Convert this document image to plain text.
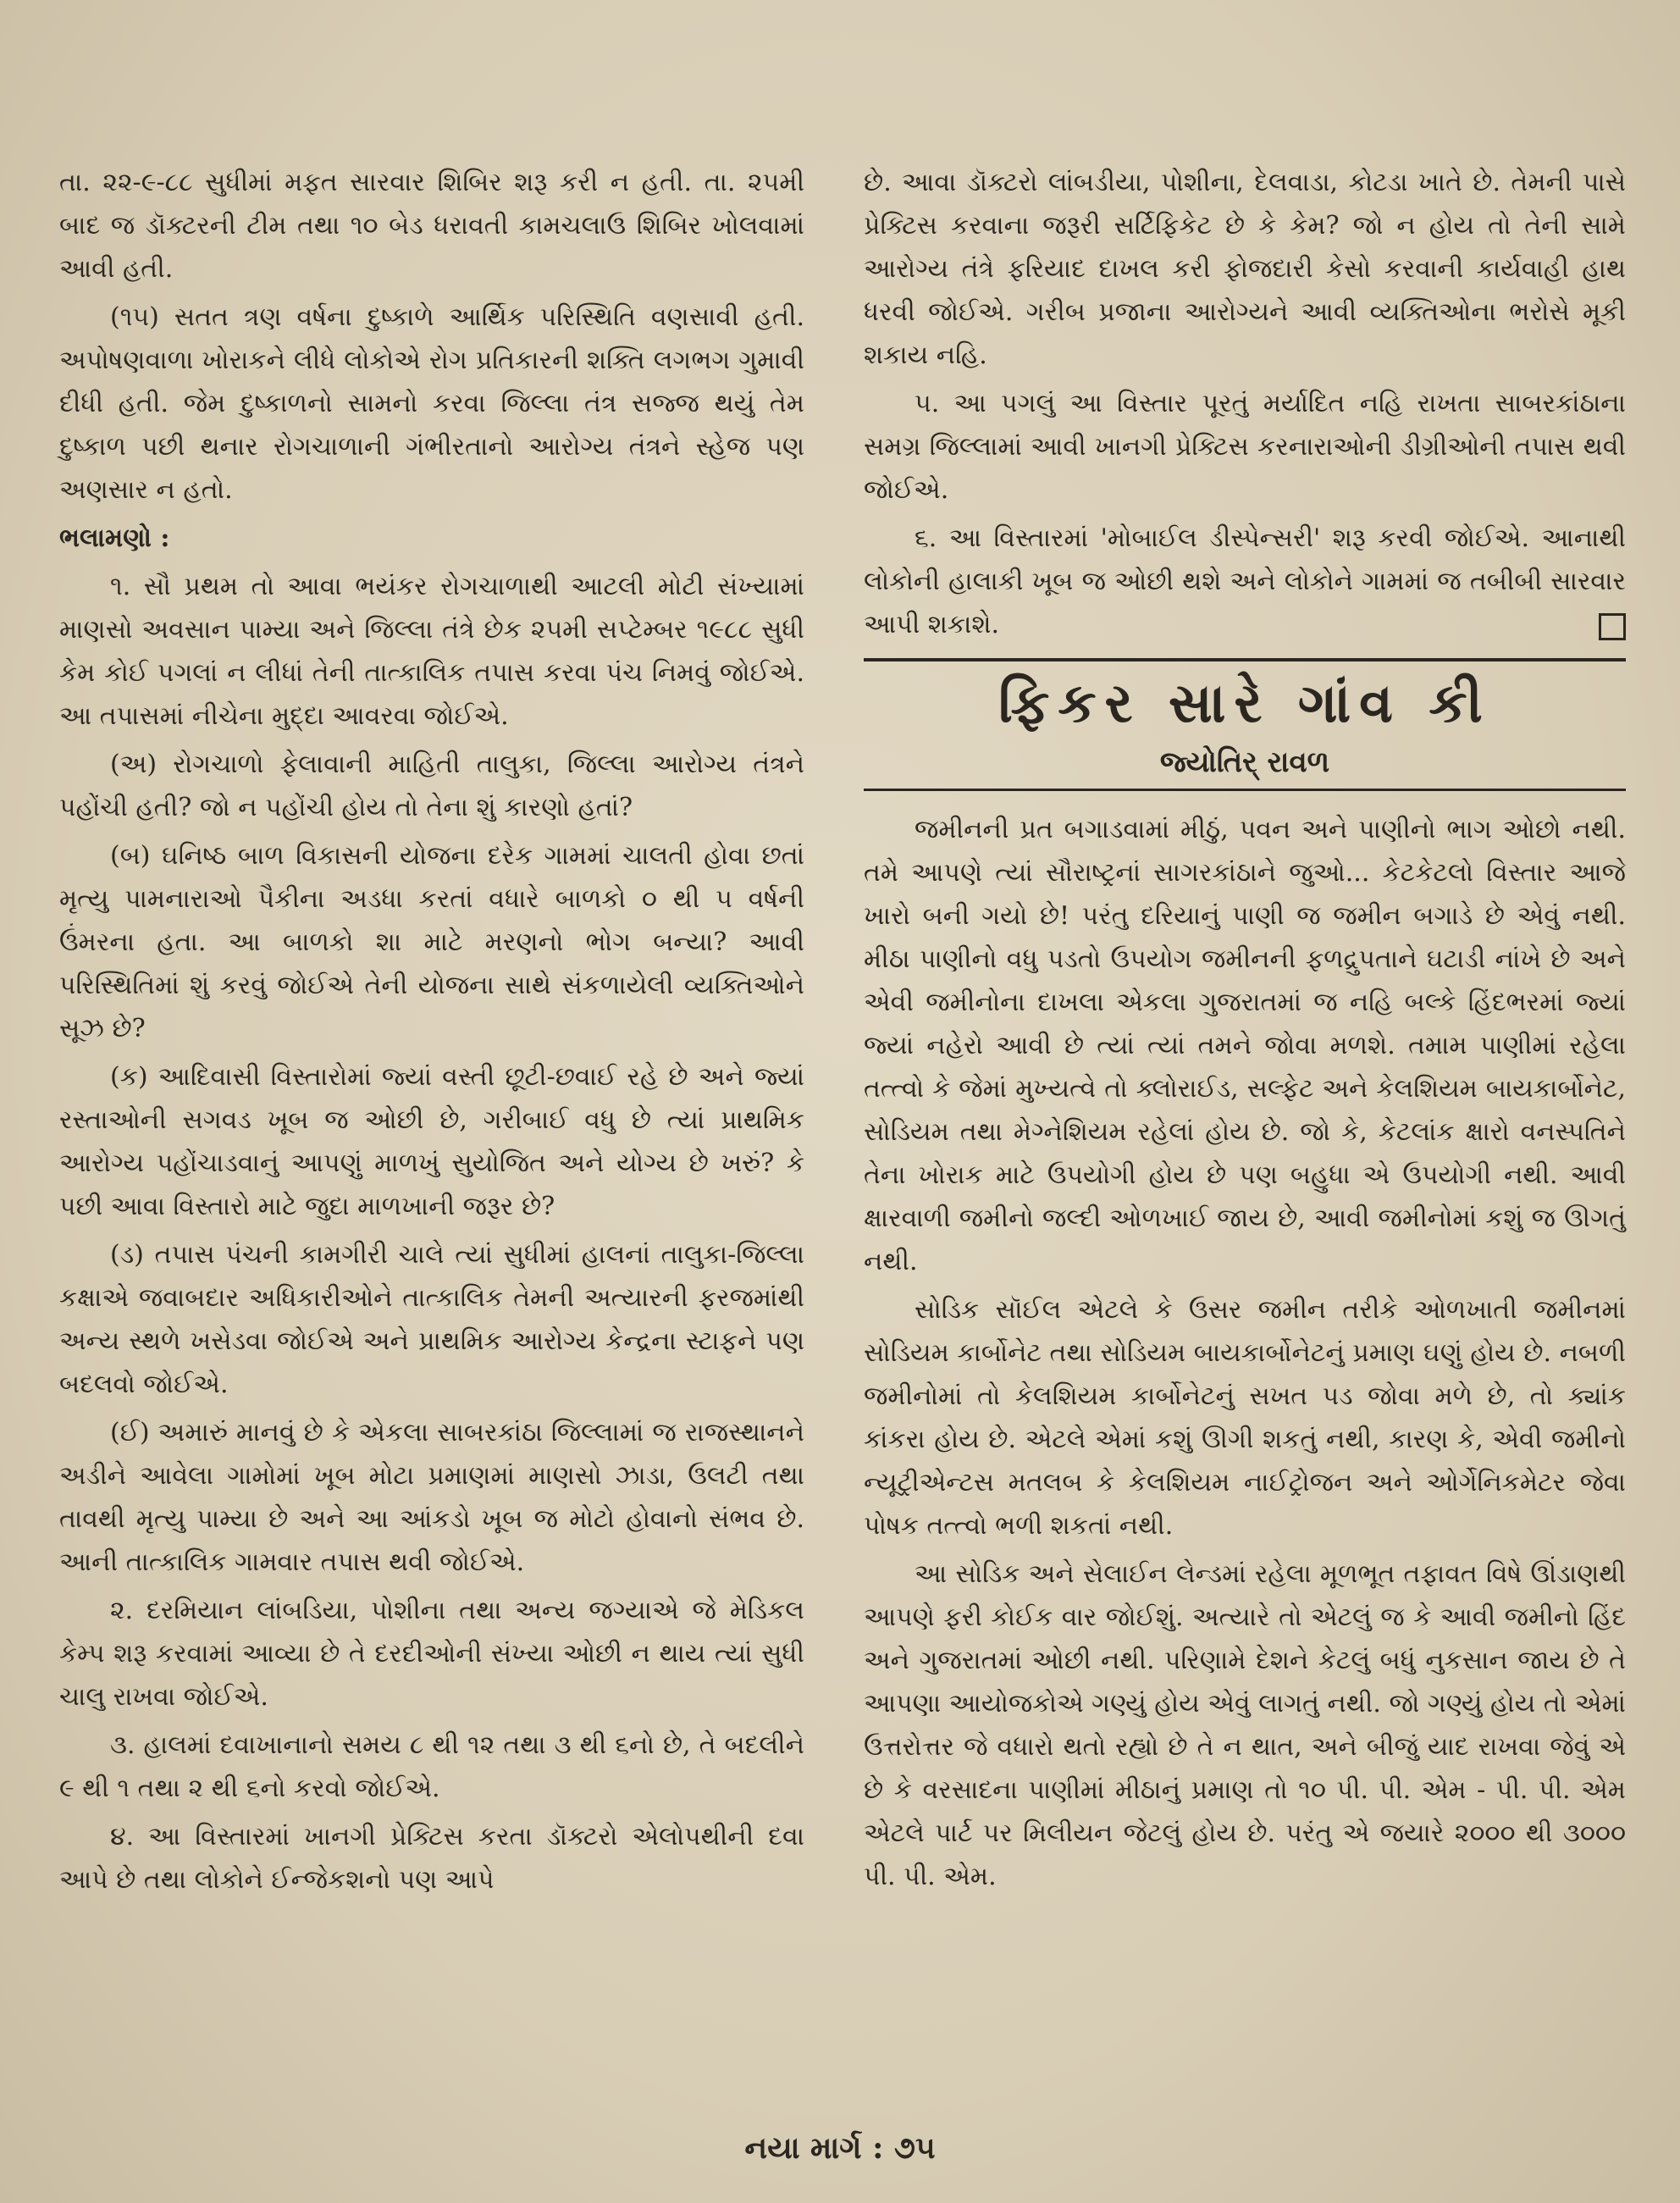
તા. ૨૨-૯-૮૮ સુધીમાં મફત સારવાર શિબિર શરૂ કરી ન હતી. તા. ૨૫મી બાદ જ ડૉક્ટરની ટીમ તથા ૧૦ બેડ ધરાવતી કામચલાઉ શિબિર ખોલવામાં આવી હતી.

(૧૫) સતત ત્રણ વર્ષના દુષ્કાળે આર્થિક પરિસ્થિતિ વણસાવી હતી. અપોષણવાળા ખોરાકને લીધે લોકોએ રોગ પ્રતિકારની શક્તિ લગભગ ગુમાવી દીધી હતી. જેમ દુષ્કાળનો સામનો કરવા જિલ્લા તંત્ર સજ્જ થયું તેમ દુષ્કાળ પછી થનાર રોગચાળાની ગંભીરતાનો આરોગ્ય તંત્રને સ્હેજ પણ અણસાર ન હતો.

ભલામણો :

૧. સૌ પ્રથમ તો આવા ભયંકર રોગચાળાથી આટલી મોટી સંખ્યામાં માણસો અવસાન પામ્યા અને જિલ્લા તંત્રે છેક ૨૫મી સપ્ટેમ્બર ૧૯૮૮ સુધી કેમ કોઈ પગલાં ન લીધાં તેની તાત્કાલિક તપાસ કરવા પંચ નિમવું જોઈએ. આ તપાસમાં નીચેના મુદ્દા આવરવા જોઈએ.

(અ) રોગચાળો ફેલાવાની માહિતી તાલુકા, જિલ્લા આરોગ્ય તંત્રને પહોંચી હતી? જો ન પહોંચી હોય તો તેના શું કારણો હતાં?

(બ) ઘનિષ્ઠ બાળ વિકાસની યોજના દરેક ગામમાં ચાલતી હોવા છતાં મૃત્યુ પામનારાઓ પૈકીના અડધા કરતાં વધારે બાળકો ૦ થી ૫ વર્ષની ઉંમરના હતા. આ બાળકો શા માટે મરણનો ભોગ બન્યા? આવી પરિસ્થિતિમાં શું કરવું જોઈએ તેની યોજના સાથે સંકળાયેલી વ્યક્તિઓને સૂઝ છે?

(ક) આદિવાસી વિસ્તારોમાં જ્યાં વસ્તી છૂટી-છવાઈ રહે છે અને જ્યાં રસ્તાઓની સગવડ ખૂબ જ ઓછી છે, ગરીબાઈ વધુ છે ત્યાં પ્રાથમિક આરોગ્ય પહોંચાડવાનું આપણું માળખું સુયોજિત અને યોગ્ય છે ખરું? કે પછી આવા વિસ્તારો માટે જુદા માળખાની જરૂર છે?

(ડ) તપાસ પંચની કામગીરી ચાલે ત્યાં સુધીમાં હાલનાં તાલુકા-જિલ્લા કક્ષાએ જવાબદાર અધિકારીઓને તાત્કાલિક તેમની અત્યારની ફરજમાંથી અન્ય સ્થળે ખસેડવા જોઈએ અને પ્રાથમિક આરોગ્ય કેન્દ્રના સ્ટાફને પણ બદલવો જોઈએ.

(ઈ) અમારું માનવું છે કે એકલા સાબરકાંઠા જિલ્લામાં જ રાજસ્થાનને અડીને આવેલા ગામોમાં ખૂબ મોટા પ્રમાણમાં માણસો ઝાડા, ઉલટી તથા તાવથી મૃત્યુ પામ્યા છે અને આ આંકડો ખૂબ જ મોટો હોવાનો સંભવ છે. આની તાત્કાલિક ગામવાર તપાસ થવી જોઈએ.

૨. દરમિયાન લાંબડિયા, પોશીના તથા અન્ય જગ્યાએ જે મેડિકલ કેમ્પ શરૂ કરવામાં આવ્યા છે તે દરદીઓની સંખ્યા ઓછી ન થાય ત્યાં સુધી ચાલુ રાખવા જોઈએ.

૩. હાલમાં દવાખાનાનો સમય ૮ થી ૧૨ તથા ૩ થી ૬નો છે, તે બદલીને ૯ થી ૧ તથા ૨ થી ૬નો કરવો જોઈએ.

૪. આ વિસ્તારમાં ખાનગી પ્રેક્ટિસ કરતા ડૉક્ટરો એલોપથીની દવા આપે છે તથા લોકોને ઈન્જેકશનો પણ આપે

છે. આવા ડૉક્ટરો લાંબડીયા, પોશીના, દેલવાડા, કોટડા ખાતે છે. તેમની પાસે પ્રેક્ટિસ કરવાના જરૂરી સર્ટિફિકેટ છે કે કેમ? જો ન હોય તો તેની સામે આરોગ્ય તંત્રે ફરિયાદ દાખલ કરી ફોજદારી કેસો કરવાની કાર્યવાહી હાથ ધરવી જોઈએ. ગરીબ પ્રજાના આરોગ્યને આવી વ્યક્તિઓના ભરોસે મૂકી શકાય નહિ.

૫. આ પગલું આ વિસ્તાર પૂરતું મર્યાદિત નહિ રાખતા સાબરકાંઠાના સમગ્ર જિલ્લામાં આવી ખાનગી પ્રેક્ટિસ કરનારાઓની ડીગ્રીઓની તપાસ થવી જોઈએ.

૬. આ વિસ્તારમાં 'મોબાઈલ ડીસ્પેન્સરી' શરૂ કરવી જોઈએ. આનાથી લોકોની હાલાકી ખૂબ જ ઓછી થશે અને લોકોને ગામમાં જ તબીબી સારવાર આપી શકાશે.

ફિકર સારે ગાંવ કી
જ્યોતિર્ રાવળ

જમીનની પ્રત બગાડવામાં મીઠું, પવન અને પાણીનો ભાગ ઓછો નથી. તમે આપણે ત્યાં સૌરાષ્ટ્રનાં સાગરકાંઠાને જુઓ... કેટકેટલો વિસ્તાર આજે ખારો બની ગયો છે! પરંતુ દરિયાનું પાણી જ જમીન બગાડે છે એવું નથી. મીઠા પાણીનો વધુ પડતો ઉપયોગ જમીનની ફળદ્રુપતાને ઘટાડી નાંખે છે અને એવી જમીનોના દાખલા એકલા ગુજરાતમાં જ નહિ બલ્કે હિંદભરમાં જ્યાં જ્યાં નહેરો આવી છે ત્યાં ત્યાં તમને જોવા મળશે. તમામ પાણીમાં રહેલા તત્ત્વો કે જેમાં મુખ્યત્વે તો ક્લોરાઈડ, સલ્ફેટ અને કેલશિયમ બાયકાર્બોનેટ, સોડિયમ તથા મેગ્નેશિયમ રહેલાં હોય છે. જો કે, કેટલાંક ક્ષારો વનસ્પતિને તેના ખોરાક માટે ઉપયોગી હોય છે પણ બહુધા એ ઉપયોગી નથી. આવી ક્ષારવાળી જમીનો જલ્દી ઓળખાઈ જાય છે, આવી જમીનોમાં કશું જ ઊગતું નથી.

સોડિક સૉઈલ એટલે કે ઉસર જમીન તરીકે ઓળખાતી જમીનમાં સોડિયમ કાર્બોનેટ તથા સોડિયમ બાયકાર્બોનેટનું પ્રમાણ ઘણું હોય છે. નબળી જમીનોમાં તો કેલશિયમ કાર્બોનેટનું સખત પડ જોવા મળે છે, તો ક્યાંક કાંકરા હોય છે. એટલે એમાં કશું ઊગી શકતું નથી, કારણ કે, એવી જમીનો ન્યૂટ્રીએન્ટસ મતલબ કે કેલશિયમ નાઈટ્રોજન અને ઓર્ગેનિકમેટર જેવા પોષક તત્ત્વો ભળી શકતાં નથી.

આ સોડિક અને સેલાઈન લેન્ડમાં રહેલા મૂળભૂત તફાવત વિષે ઊંડાણથી આપણે ફરી કોઈક વાર જોઈશું. અત્યારે તો એટલું જ કે આવી જમીનો હિંદ અને ગુજરાતમાં ઓછી નથી. પરિણામે દેશને કેટલું બધું નુકસાન જાય છે તે આપણા આયોજકોએ ગણ્યું હોય એવું લાગતું નથી. જો ગણ્યું હોય તો એમાં ઉત્તરોત્તર જે વધારો થતો રહ્યો છે તે ન થાત, અને બીજું યાદ રાખવા જેવું એ છે કે વરસાદના પાણીમાં મીઠાનું પ્રમાણ તો ૧૦ પી. પી. એમ - પી. પી. એમ એટલે પાર્ટ પર મિલીયન જેટલું હોય છે. પરંતુ એ જયારે ૨૦૦૦ થી ૩૦૦૦ પી. પી. એમ.

નયા માર્ગ : ૭૫
